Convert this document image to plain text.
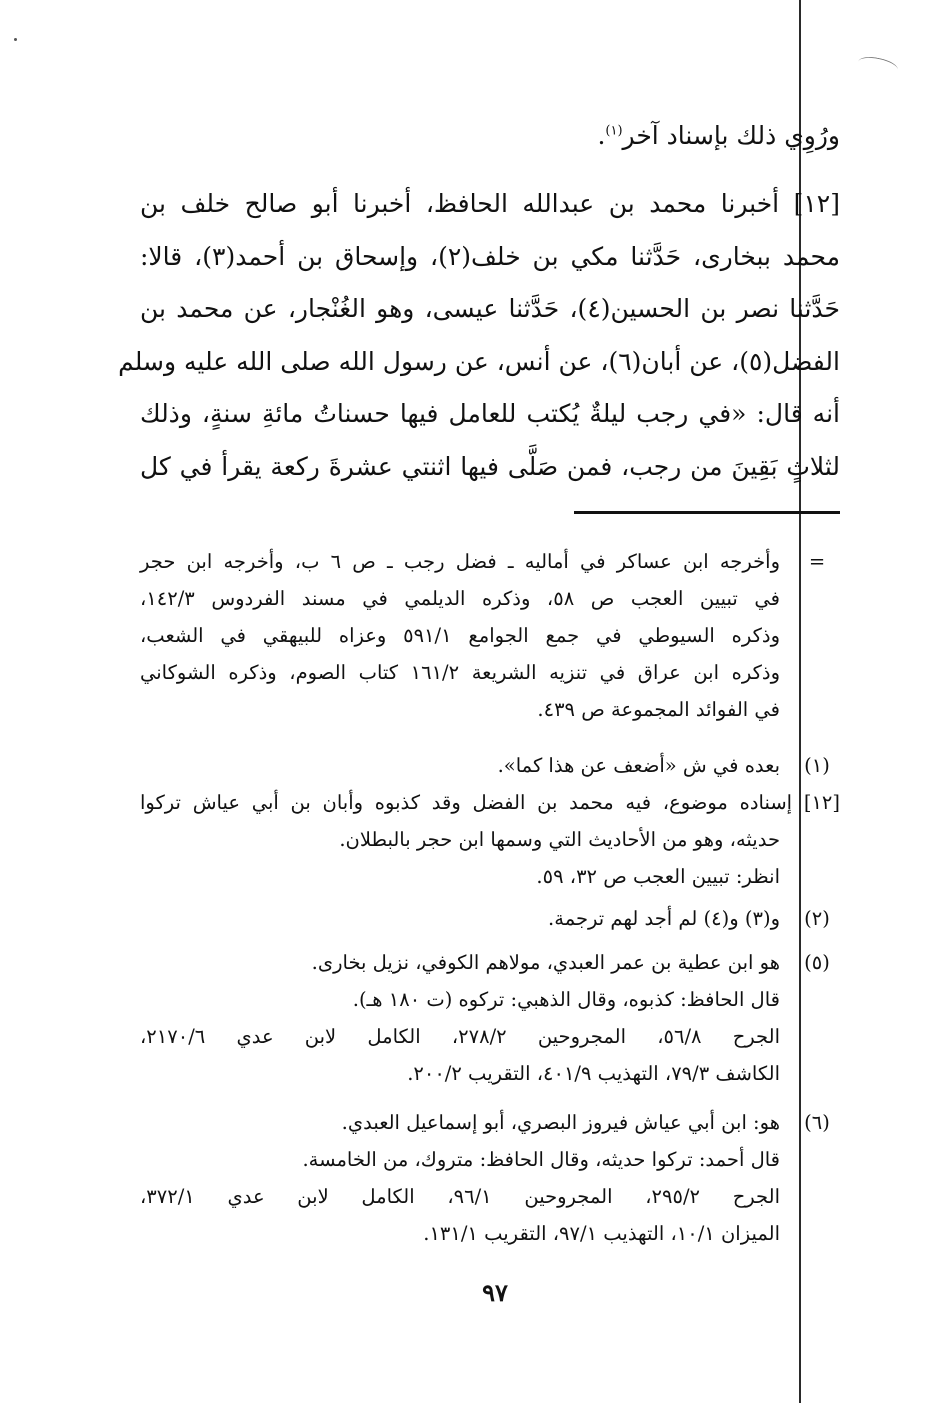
ورُوِي ذلك بإسناد آخر$^{(١)}$.
[١٢] أخبرنا محمد بن عبدالله الحافظ، أخبرنا أبو صالح خلف بن
محمد ببخارى، حَدَّثنا مكي بن خلف(٢)، وإسحاق بن أحمد(٣)، قالا:
حَدَّثنا نصر بن الحسين(٤)، حَدَّثنا عيسى، وهو الغُنْجار، عن محمد بن
الفضل(٥)، عن أبان(٦)، عن أنس، عن رسول الله صلى الله عليه وسلم
أنه قال: «في رجب ليلةٌ يُكتب للعامل فيها حسناتُ مائةِ سنةٍ، وذلك
لثلاثٍ بَقِينَ من رجب، فمن صَلَّى فيها اثنتي عشرةَ ركعة يقرأ في كل
=
وأخرجه ابن عساكر في أماليه ـ فضل رجب ـ ص ٦ ب، وأخرجه ابن حجر
في تبيين العجب ص ٥٨، وذكره الديلمي في مسند الفردوس ١٤٢/٣،
وذكره السيوطي في جمع الجوامع ٥٩١/١ وعزاه للبيهقي في الشعب،
وذكره ابن عراق في تنزيه الشريعة ١٦١/٢ كتاب الصوم، وذكره الشوكاني
في الفوائد المجموعة ص ٤٣٩.
(١)
بعده في ش «أضعف عن هذا كما».
[١٢] إسناده موضوع، فيه محمد بن الفضل وقد كذبوه وأبان بن أبي عياش تركوا
حديثه، وهو من الأحاديث التي وسمها ابن حجر بالبطلان.
انظر: تبيين العجب ص ٣٢، ٥٩.
(٢)
و(٣) و(٤) لم أجد لهم ترجمة.
(٥)
هو ابن عطية بن عمر العبدي، مولاهم الكوفي، نزيل بخارى.
قال الحافظ: كذبوه، وقال الذهبي: تركوه (ت ١٨٠ هـ).
الجرح ٥٦/٨، المجروحين ٢٧٨/٢، الكامل لابن عدي ٢١٧٠/٦،
الكاشف ٧٩/٣، التهذيب ٤٠١/٩، التقريب ٢٠٠/٢.
(٦)
هو: ابن أبي عياش فيروز البصري، أبو إسماعيل العبدي.
قال أحمد: تركوا حديثه، وقال الحافظ: متروك، من الخامسة.
الجرح ٢٩٥/٢، المجروحين ٩٦/١، الكامل لابن عدي ٣٧٢/١،
الميزان ١٠/١، التهذيب ٩٧/١، التقريب ١٣١/١.
٩٧
